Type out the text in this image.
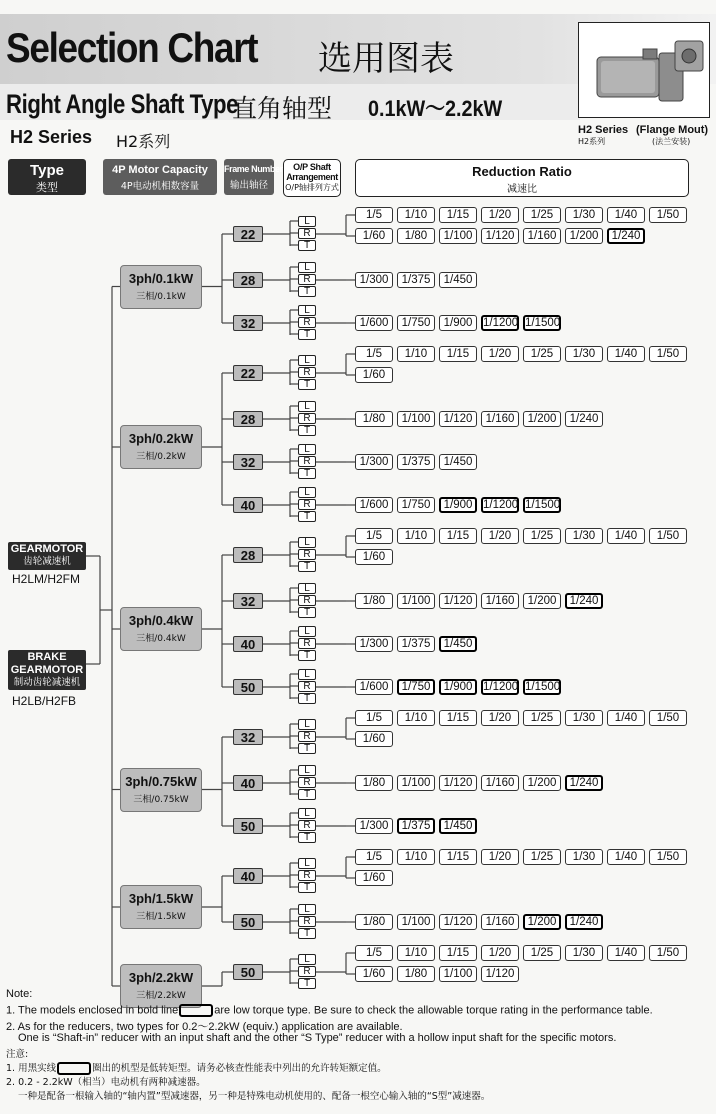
Selection Chart 选用图表
Right Angle Shaft Type
直角轴型 0.1kW～2.2kW
H2 Series H2系列
H2 Series
H2系列
(Flange Mout)
(法兰安装)
Type
类型
4P Motor Capacity
4P电动机相数容量
Frame Number
输出轴径
O/P Shaft
Arrangement
O/P轴排列方式
Reduction Ratio
减速比
GEARMOTOR
齿轮减速机
H2LM/H2FM
BRAKE
GEARMOTOR
制动齿轮减速机
H2LB/H2FB
L
R
T
22
1/5	1/10	1/15	1/20	1/25	1/30	1/40	1/50
1/60	1/80	1/100	1/120	1/160	1/200	1/240
L
R
T
28	1/300	1/375	1/450
L
R
T
32	1/600	1/750	1/900 1/1200 1/1500
3ph/0.1kW
三相/0.1kW
L
R
T
22
1/5	1/10	1/15	1/20	1/25	1/30	1/40	1/50
1/60
L
R
T
28	1/80	1/100	1/120	1/160	1/200	1/240
L
R
T
32	1/300	1/375	1/450
L
R
T
40	1/600	1/750	1/900 1/1200 1/1500
3ph/0.2kW
三相/0.2kW
L
R
T
28
1/5	1/10	1/15	1/20	1/25	1/30	1/40	1/50
1/60
L
R
T
32	1/80	1/100	1/120	1/160	1/200	1/240
L
R
T
40	1/300	1/375	1/450
L
R
T
50	1/600	1/750	1/900 1/1200 1/1500
3ph/0.4kW
三相/0.4kW
L
R
T
32
1/5	1/10	1/15	1/20	1/25	1/30	1/40	1/50
1/60
L
R
T
40	1/80	1/100	1/120	1/160	1/200	1/240
L
R
T
50	1/300	1/375	1/450
3ph/0.75kW
三相/0.75kW
L
R
T
40
1/5	1/10	1/15	1/20	1/25	1/30	1/40	1/50
1/60
L
R
T
50	1/80	1/100	1/120	1/160	1/200	1/240
3ph/1.5kW
三相/1.5kW
L
R
T
50
1/5	1/10	1/15	1/20	1/25	1/30	1/40	1/50
1/60	1/80	1/100	1/120
3ph/2.2kW
三相/2.2kW
Note:
1. The models enclosed in bold line	are low torque type. Be sure to check the allowable torque rating in the performance table.
2. As for the reducers, two types for 0.2～2.2kW (equiv.) application are available.
One is “Shaft-in” reducer with an input shaft and the other “S Type” reducer with a hollow input shaft for the specific motors.
注意:
1. 用黑实线	圈出的机型是低转矩型。请务必核查性能表中列出的允许转矩额定值。
2. 0.2 - 2.2kW（相当）电动机有两种减速器。
一种是配备一根输入轴的“轴内置”型减速器，另一种是特殊电动机使用的、配备一根空心输入轴的“S型”减速器。
